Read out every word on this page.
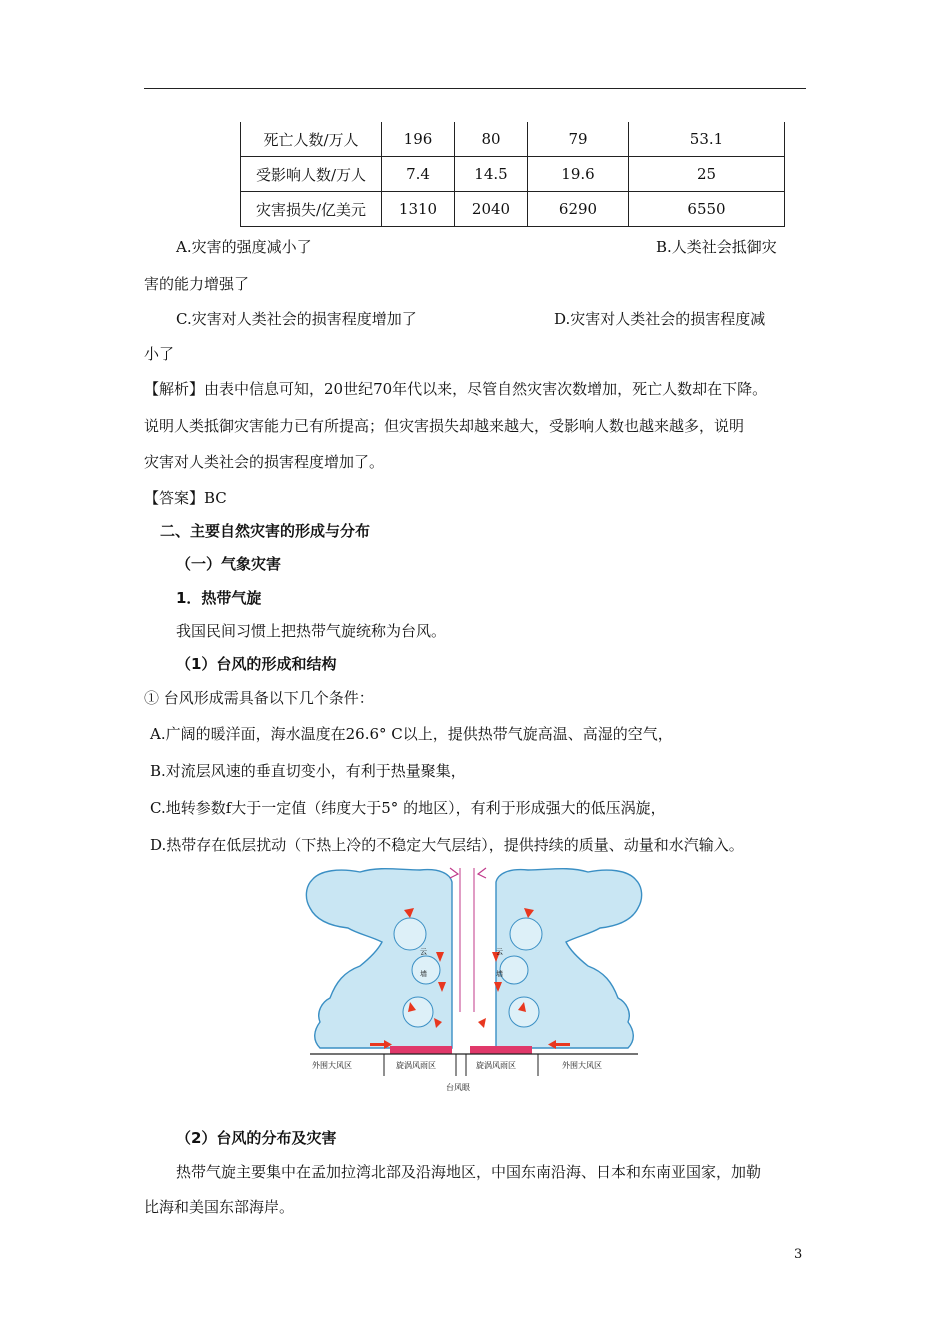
死亡人数/万人	196	80	79	53.1
受影响人数/万人	7.4	14.5	19.6	25
灾害损失/亿美元	1310	2040	6290	6550
A.灾害的强度减小了	B.人类社会抵御灾
害的能力增强了
C.灾害对人类社会的损害程度增加了	D.灾害对人类社会的损害程度减
小了
【解析】由表中信息可知，20世纪70年代以来，尽管自然灾害次数增加，死亡人数却在下降。
说明人类抵御灾害能力已有所提高；但灾害损失却越来越大，受影响人数也越来越多，说明
灾害对人类社会的损害程度增加了。
【答案】BC
二、主要自然灾害的形成与分布
（一）气象灾害
1．热带气旋
我国民间习惯上把热带气旋统称为台风。
（1）台风的形成和结构
① 台风形成需具备以下几个条件：
A.广阔的暖洋面，海水温度在26.6° C以上，提供热带气旋高温、高湿的空气，
B.对流层风速的垂直切变小，有利于热量聚集，
C.地转参数f大于一定值（纬度大于5° 的地区），有利于形成强大的低压涡旋，
D.热带存在低层扰动（下热上冷的不稳定大气层结），提供持续的质量、动量和水汽输入。
外围大风区	旋涡风雨区	旋涡风雨区	外围大风区
台风眼
云
墙
云
墙
（2）台风的分布及灾害
热带气旋主要集中在孟加拉湾北部及沿海地区，中国东南沿海、日本和东南亚国家，加勒
比海和美国东部海岸。
3
